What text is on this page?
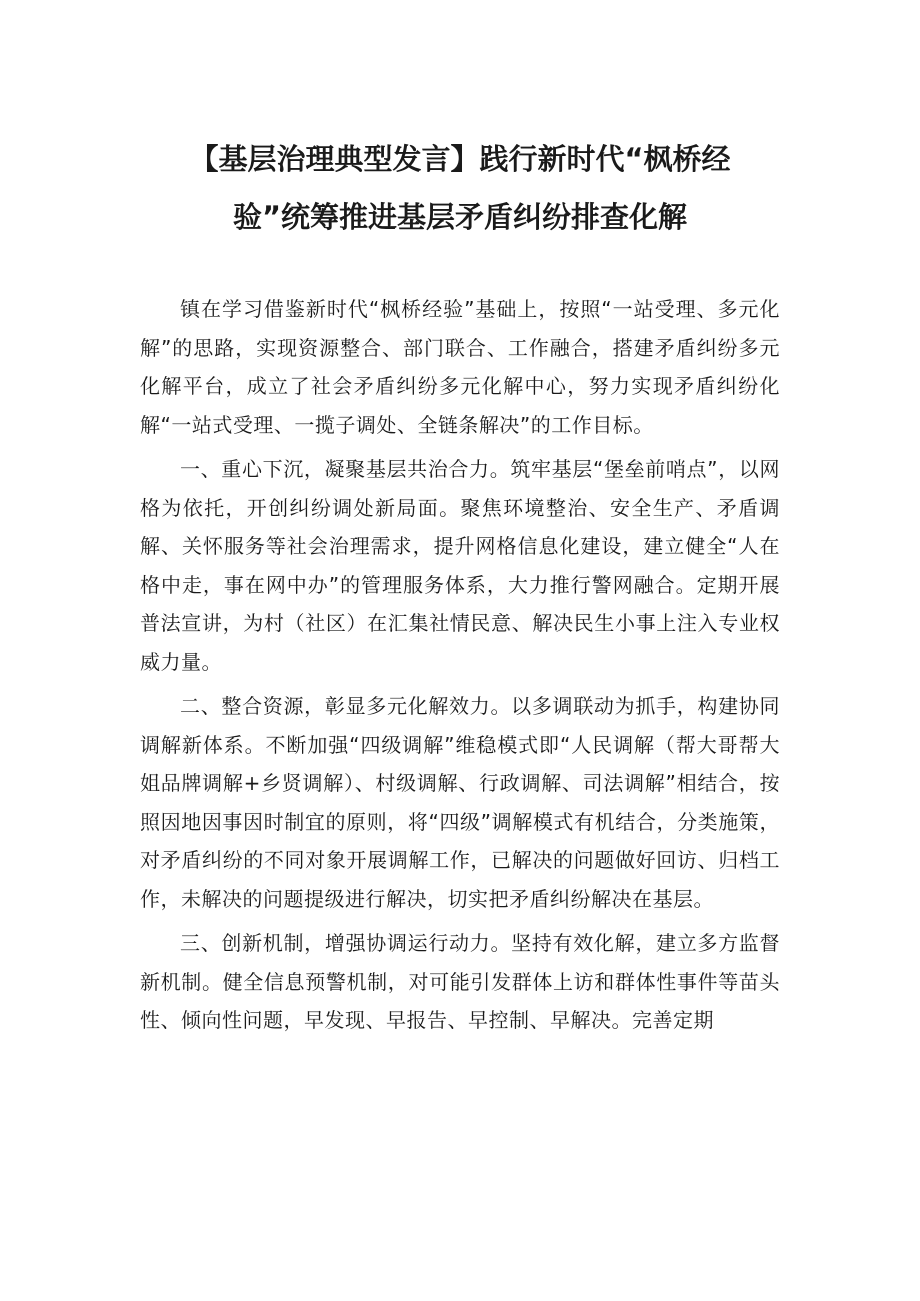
【基层治理典型发言】践行新时代“枫桥经
验”统筹推进基层矛盾纠纷排查化解

镇在学习借鉴新时代“枫桥经验”基础上，按照“一站受理、多元化解”的思路，实现资源整合、部门联合、工作融合，搭建矛盾纠纷多元化解平台，成立了社会矛盾纠纷多元化解中心，努力实现矛盾纠纷化解“一站式受理、一揽子调处、全链条解决”的工作目标。

一、重心下沉，凝聚基层共治合力。筑牢基层“堡垒前哨点”，以网格为依托，开创纠纷调处新局面。聚焦环境整治、安全生产、矛盾调解、关怀服务等社会治理需求，提升网格信息化建设，建立健全“人在格中走，事在网中办”的管理服务体系，大力推行警网融合。定期开展普法宣讲，为村（社区）在汇集社情民意、解决民生小事上注入专业权威力量。

二、整合资源，彰显多元化解效力。以多调联动为抓手，构建协同调解新体系。不断加强“四级调解”维稳模式即“人民调解（帮大哥帮大姐品牌调解+乡贤调解）、村级调解、行政调解、司法调解”相结合，按照因地因事因时制宜的原则，将“四级”调解模式有机结合，分类施策，对矛盾纠纷的不同对象开展调解工作，已解决的问题做好回访、归档工作，未解决的问题提级进行解决，切实把矛盾纠纷解决在基层。

三、创新机制，增强协调运行动力。坚持有效化解，建立多方监督新机制。健全信息预警机制，对可能引发群体上访和群体性事件等苗头性、倾向性问题，早发现、早报告、早控制、早解决。完善定期
